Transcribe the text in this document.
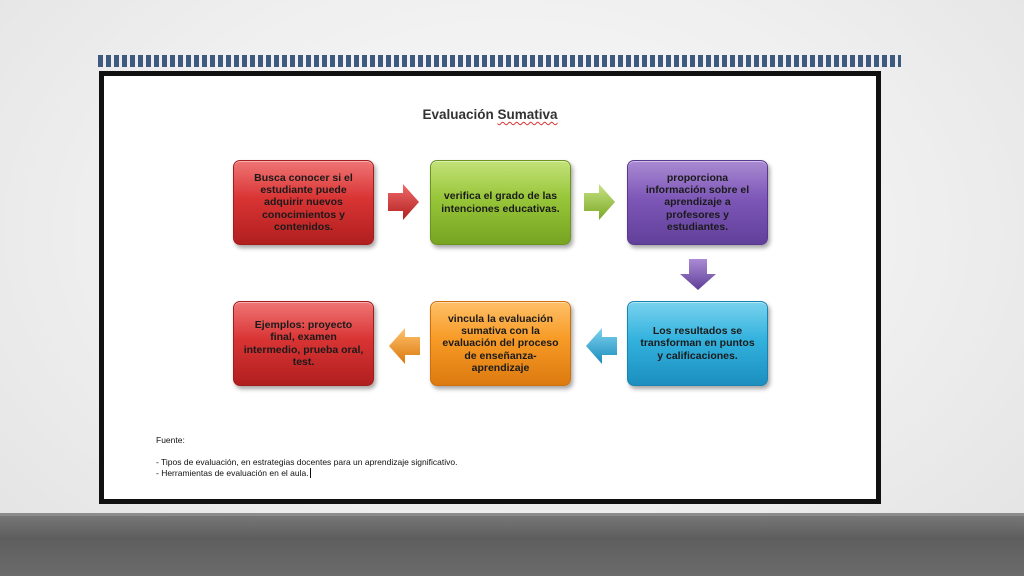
Evaluación Sumativa
Busca conocer si el estudiante puede adquirir nuevos conocimientos y contenidos.
verifica el grado de las intenciones educativas.
proporciona información sobre el aprendizaje a profesores y estudiantes.
Ejemplos: proyecto final, examen intermedio, prueba oral, test.
vincula la evaluación sumativa con la evaluación del proceso de enseñanza-aprendizaje
Los resultados se transforman en puntos y calificaciones.
Fuente:
- Tipos de evaluación, en estrategias docentes para un aprendizaje significativo.
- Herramientas de evaluación en el aula.
